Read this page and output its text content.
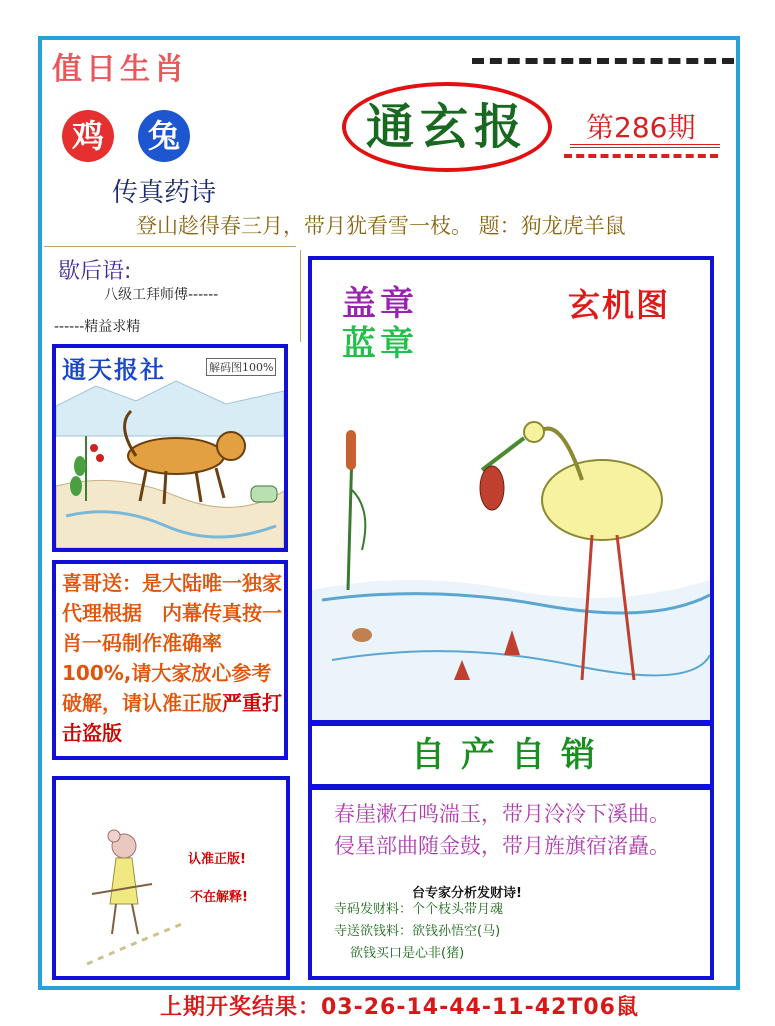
值日生肖
鸡	兔
传真药诗
登山趁得春三月，带月犹看雪一枝。 题：狗龙虎羊鼠
通玄报	第286期
歇后语:
八级工拜师傅------
------精益求精
通天报社	解码图100%
喜哥送：是大陆唯一独家代理根据　内幕传真按一肖一码制作准确率100%,请大家放心参考破解，请认准正版严重打击盗版
认准正版!
不在解释!
盖章
蓝章
玄机图
自产自销
春崖漱石鸣湍玉，带月泠泠下溪曲。
侵星部曲随金鼓，带月旌旗宿渚矗。
台专家分析发财诗!
寺码发财料：个个枝头带月魂
寺送欲钱料：欲钱孙悟空(马)
欲钱买口是心非(猪)
上期开奖结果：03-26-14-44-11-42T06鼠
